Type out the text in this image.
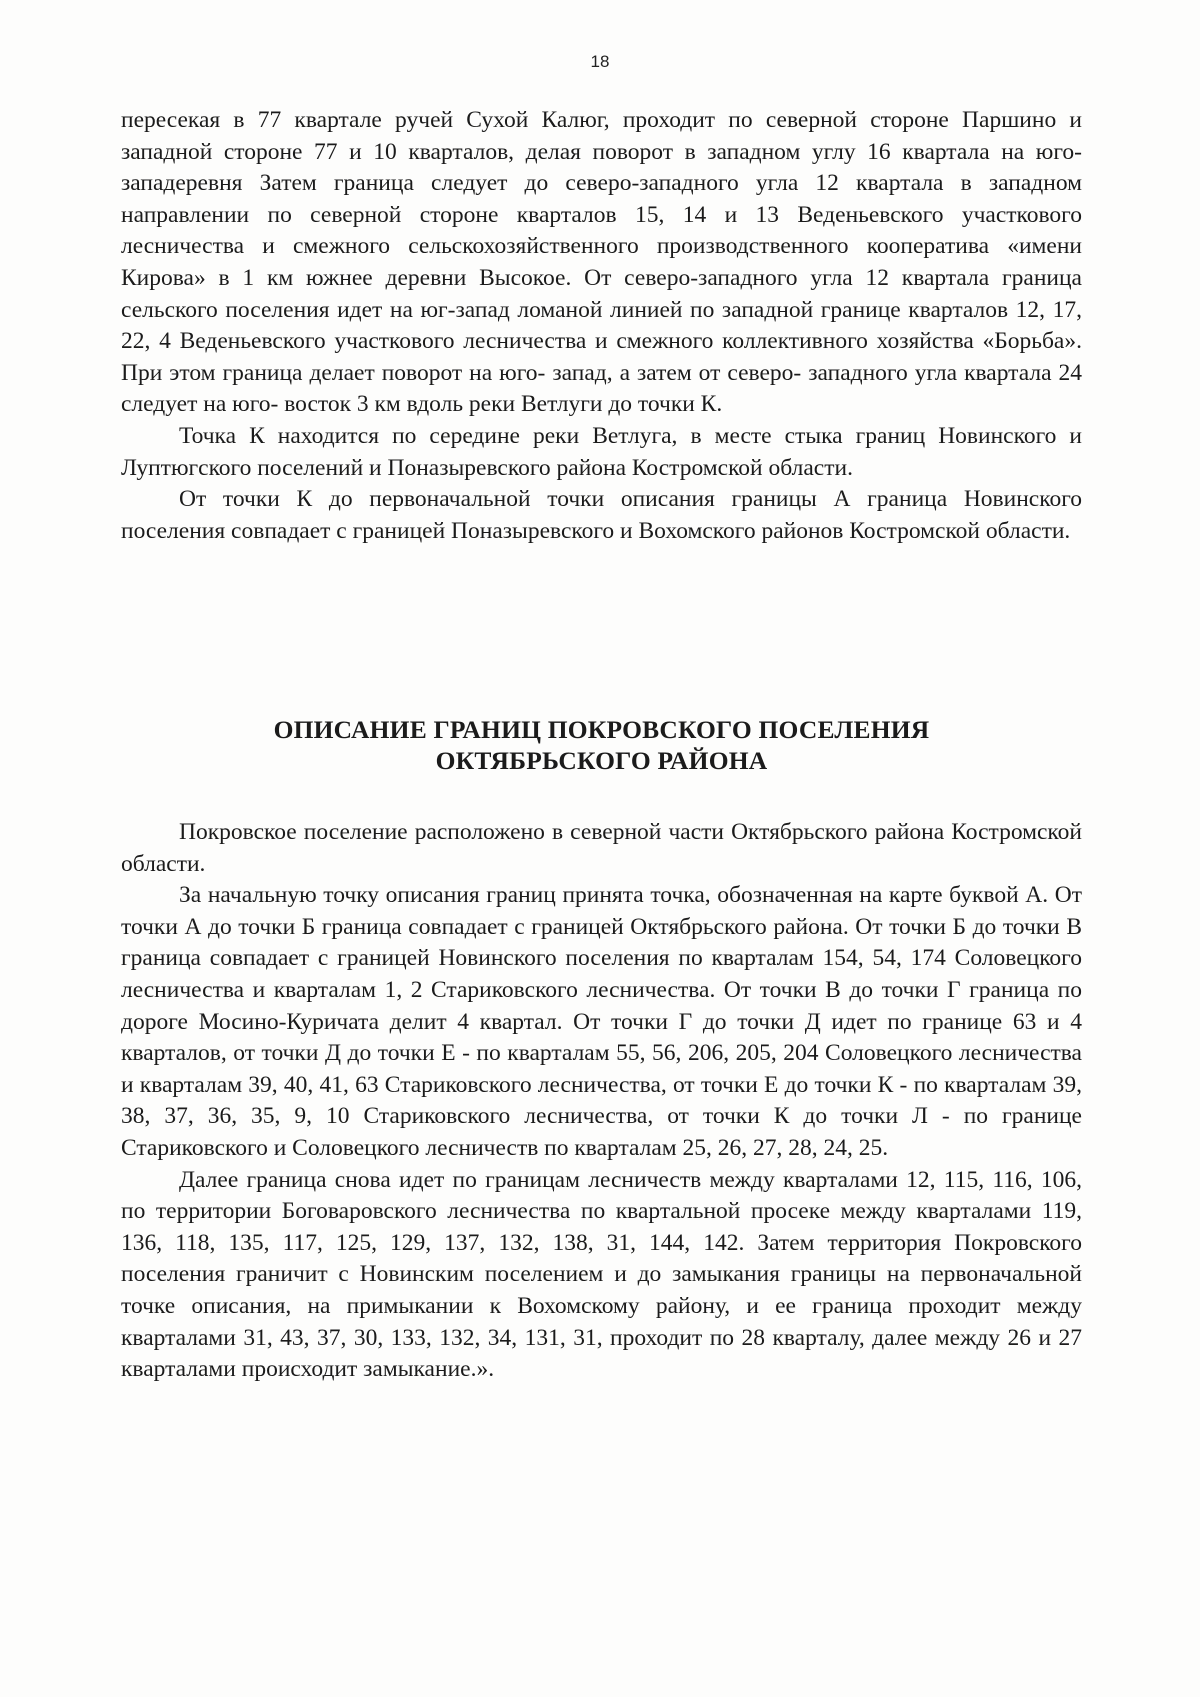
18

пересекая в 77 квартале ручей Сухой Калюг, проходит по северной стороне Паршино и западной стороне 77 и 10 кварталов, делая поворот в западном углу 16 квартала на юго-западеревня Затем граница следует до северо-западного угла 12 квартала в западном направлении по северной стороне кварталов 15, 14 и 13 Веденьевского участкового лесничества и смежного сельскохозяйственного производственного кооператива «имени Кирова» в 1 км южнее деревни Высокое. От северо-западного угла 12 квартала граница сельского поселения идет на юг-запад ломаной линией по западной границе кварталов 12, 17, 22, 4 Веденьевского участкового лесничества и смежного коллективного хозяйства «Борьба». При этом граница делает поворот на юго- запад, а затем от северо- западного угла квартала 24 следует на юго- восток 3 км вдоль реки Ветлуги до точки К.

Точка К находится по середине реки Ветлуга, в месте стыка границ Новинского и Луптюгского поселений и Поназыревского района Костромской области.

От точки К до первоначальной точки описания границы А граница Новинского поселения совпадает с границей Поназыревского и Вохомского районов Костромской области.

ОПИСАНИЕ ГРАНИЦ ПОКРОВСКОГО ПОСЕЛЕНИЯ
ОКТЯБРЬСКОГО РАЙОНА

Покровское поселение расположено в северной части Октябрьского района Костромской области.

За начальную точку описания границ принята точка, обозначенная на карте буквой А. От точки А до точки Б граница совпадает с границей Октябрьского района. От точки Б до точки В граница совпадает с границей Новинского поселения по кварталам 154, 54, 174 Соловецкого лесничества и кварталам 1, 2 Стариковского лесничества. От точки В до точки Г граница по дороге Мосино-Куричата делит 4 квартал. От точки Г до точки Д идет по границе 63 и 4 кварталов, от точки Д до точки Е - по кварталам 55, 56, 206, 205, 204 Соловецкого лесничества и кварталам 39, 40, 41, 63 Стариковского лесничества, от точки Е до точки К - по кварталам 39, 38, 37, 36, 35, 9, 10 Стариковского лесничества, от точки К до точки Л - по границе Стариковского и Соловецкого лесничеств по кварталам 25, 26, 27, 28, 24, 25.

Далее граница снова идет по границам лесничеств между кварталами 12, 115, 116, 106, по территории Боговаровского лесничества по квартальной просеке между кварталами 119, 136, 118, 135, 117, 125, 129, 137, 132, 138, 31, 144, 142. Затем территория Покровского поселения граничит с Новинским поселением и до замыкания границы на первоначальной точке описания, на примыкании к Вохомскому району, и ее граница проходит между кварталами 31, 43, 37, 30, 133, 132, 34, 131, 31, проходит по 28 кварталу, далее между 26 и 27 кварталами происходит замыкание.».
